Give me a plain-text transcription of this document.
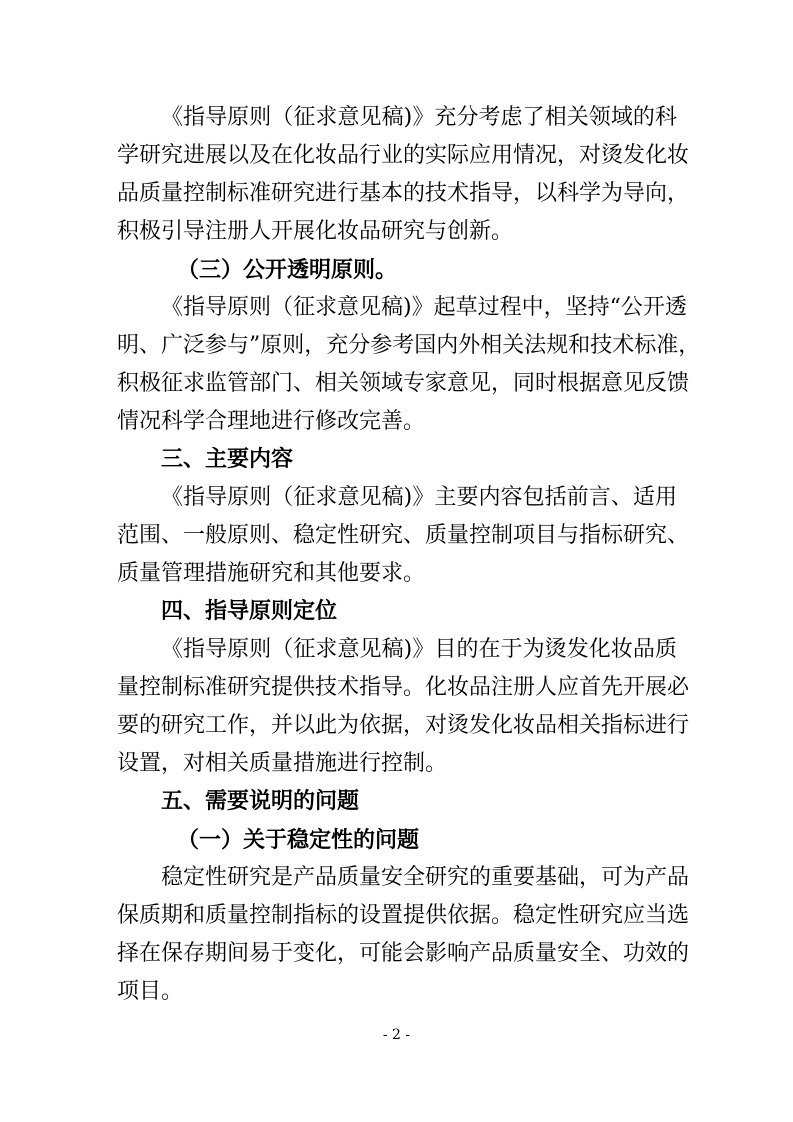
《指导原则（征求意见稿)》充分考虑了相关领域的科
学研究进展以及在化妆品行业的实际应用情况，对烫发化妆
品质量控制标准研究进行基本的技术指导，以科学为导向，
积极引导注册人开展化妆品研究与创新。
（三）公开透明原则。
《指导原则（征求意见稿)》起草过程中，坚持“公开透
明、广泛参与”原则，充分参考国内外相关法规和技术标准，
积极征求监管部门、相关领域专家意见，同时根据意见反馈
情况科学合理地进行修改完善。
三、主要内容
《指导原则（征求意见稿)》主要内容包括前言、适用
范围、一般原则、稳定性研究、质量控制项目与指标研究、
质量管理措施研究和其他要求。
四、指导原则定位
《指导原则（征求意见稿)》目的在于为烫发化妆品质
量控制标准研究提供技术指导。化妆品注册人应首先开展必
要的研究工作，并以此为依据，对烫发化妆品相关指标进行
设置，对相关质量措施进行控制。
五、需要说明的问题
（一）关于稳定性的问题
稳定性研究是产品质量安全研究的重要基础，可为产品
保质期和质量控制指标的设置提供依据。稳定性研究应当选
择在保存期间易于变化，可能会影响产品质量安全、功效的
项目。
- 2 -
